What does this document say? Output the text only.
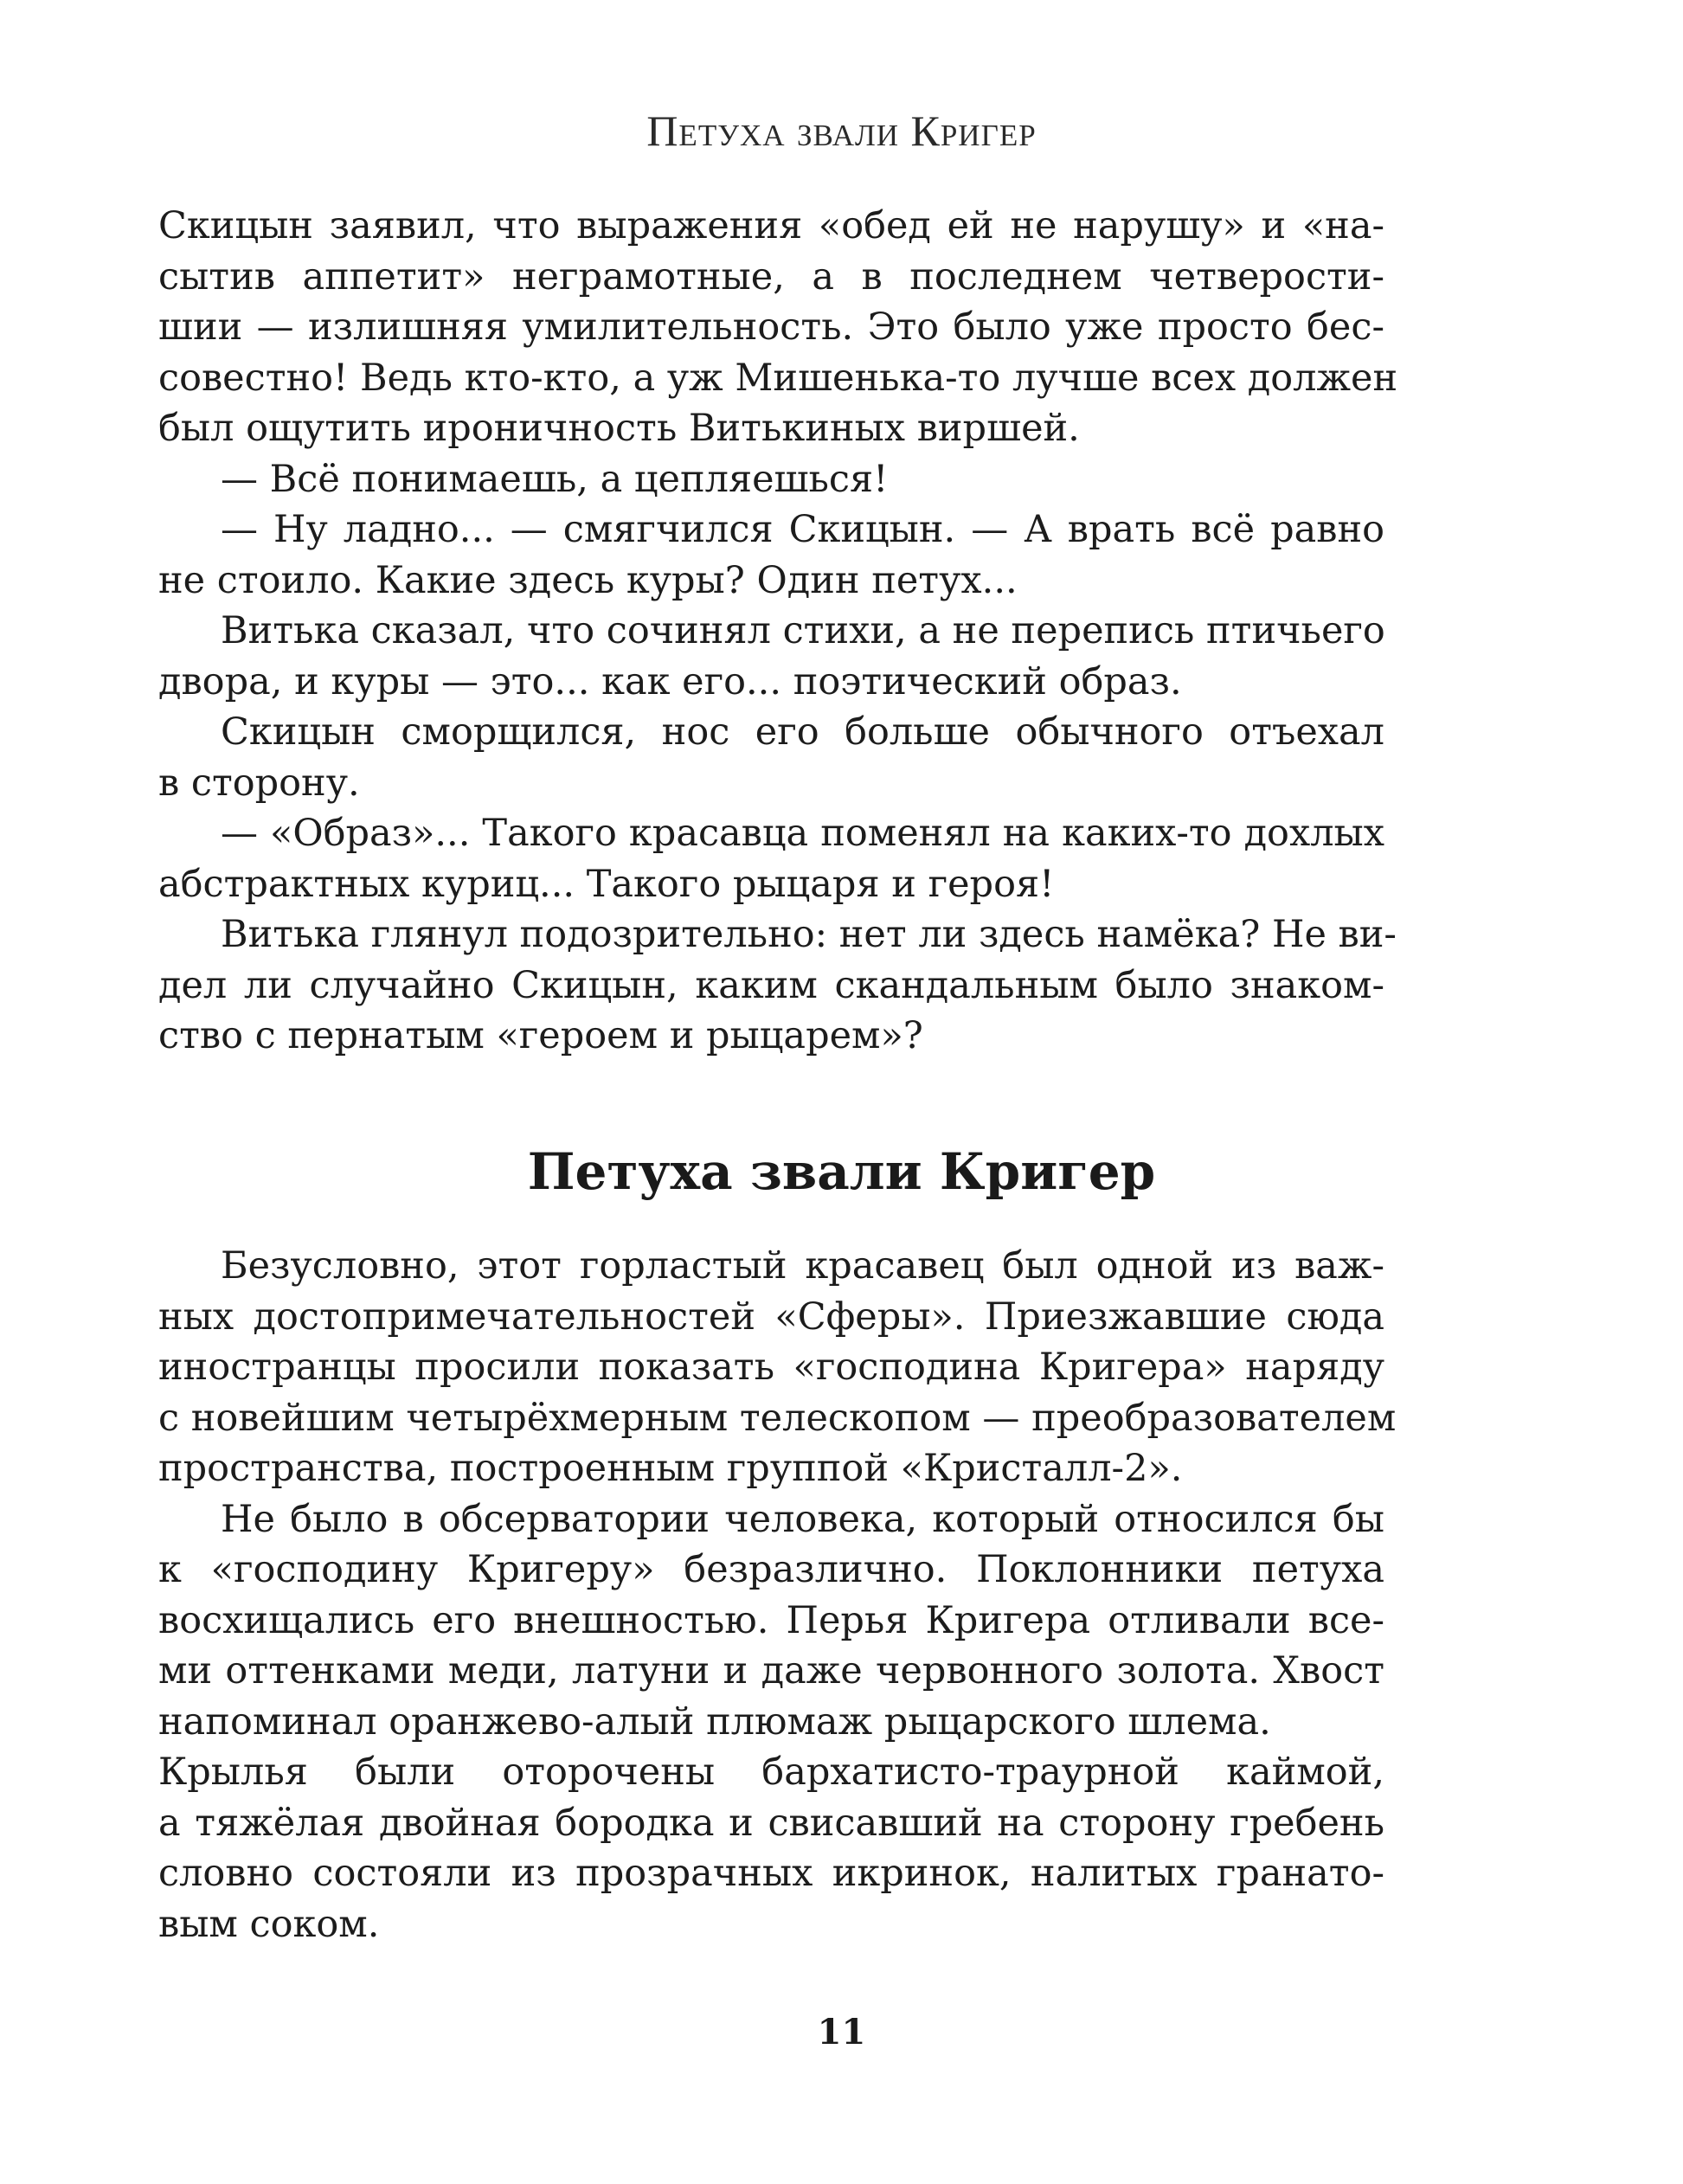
Петуха звали Кригер
Скицын заявил, что выражения «обед ей не нарушу» и «на-
сытив аппетит» неграмотные, а в последнем четверости-
шии — излишняя умилительность. Это было уже просто бес-
совестно! Ведь кто-кто, а уж Мишенька-то лучше всех должен
был ощутить ироничность Витькиных виршей.
— Всё понимаешь, а цепляешься!
— Ну ладно... — смягчился Скицын. — А врать всё равно
не стоило. Какие здесь куры? Один петух...
Витька сказал, что сочинял стихи, а не перепись птичьего
двора, и куры — это... как его... поэтический образ.
Скицын сморщился, нос его больше обычного отъехал
в сторону.
— «Образ»... Такого красавца поменял на каких-то дохлых
абстрактных куриц... Такого рыцаря и героя!
Витька глянул подозрительно: нет ли здесь намёка? Не ви-
дел ли случайно Скицын, каким скандальным было знаком-
ство с пернатым «героем и рыцарем»?
Петуха звали Кригер
Безусловно, этот горластый красавец был одной из важ-
ных достопримечательностей «Сферы». Приезжавшие сюда
иностранцы просили показать «господина Кригера» наряду
с новейшим четырёхмерным телескопом — преобразователем
пространства, построенным группой «Кристалл-2».
Не было в обсерватории человека, который относился бы
к «господину Кригеру» безразлично. Поклонники петуха
восхищались его внешностью. Перья Кригера отливали все-
ми оттенками меди, латуни и даже червонного золота. Хвост
напоминал оранжево-алый плюмаж рыцарского шлема.
Крылья были оторочены бархатисто-траурной каймой,
а тяжёлая двойная бородка и свисавший на сторону гребень
словно состояли из прозрачных икринок, налитых гранато-
вым соком.
11
